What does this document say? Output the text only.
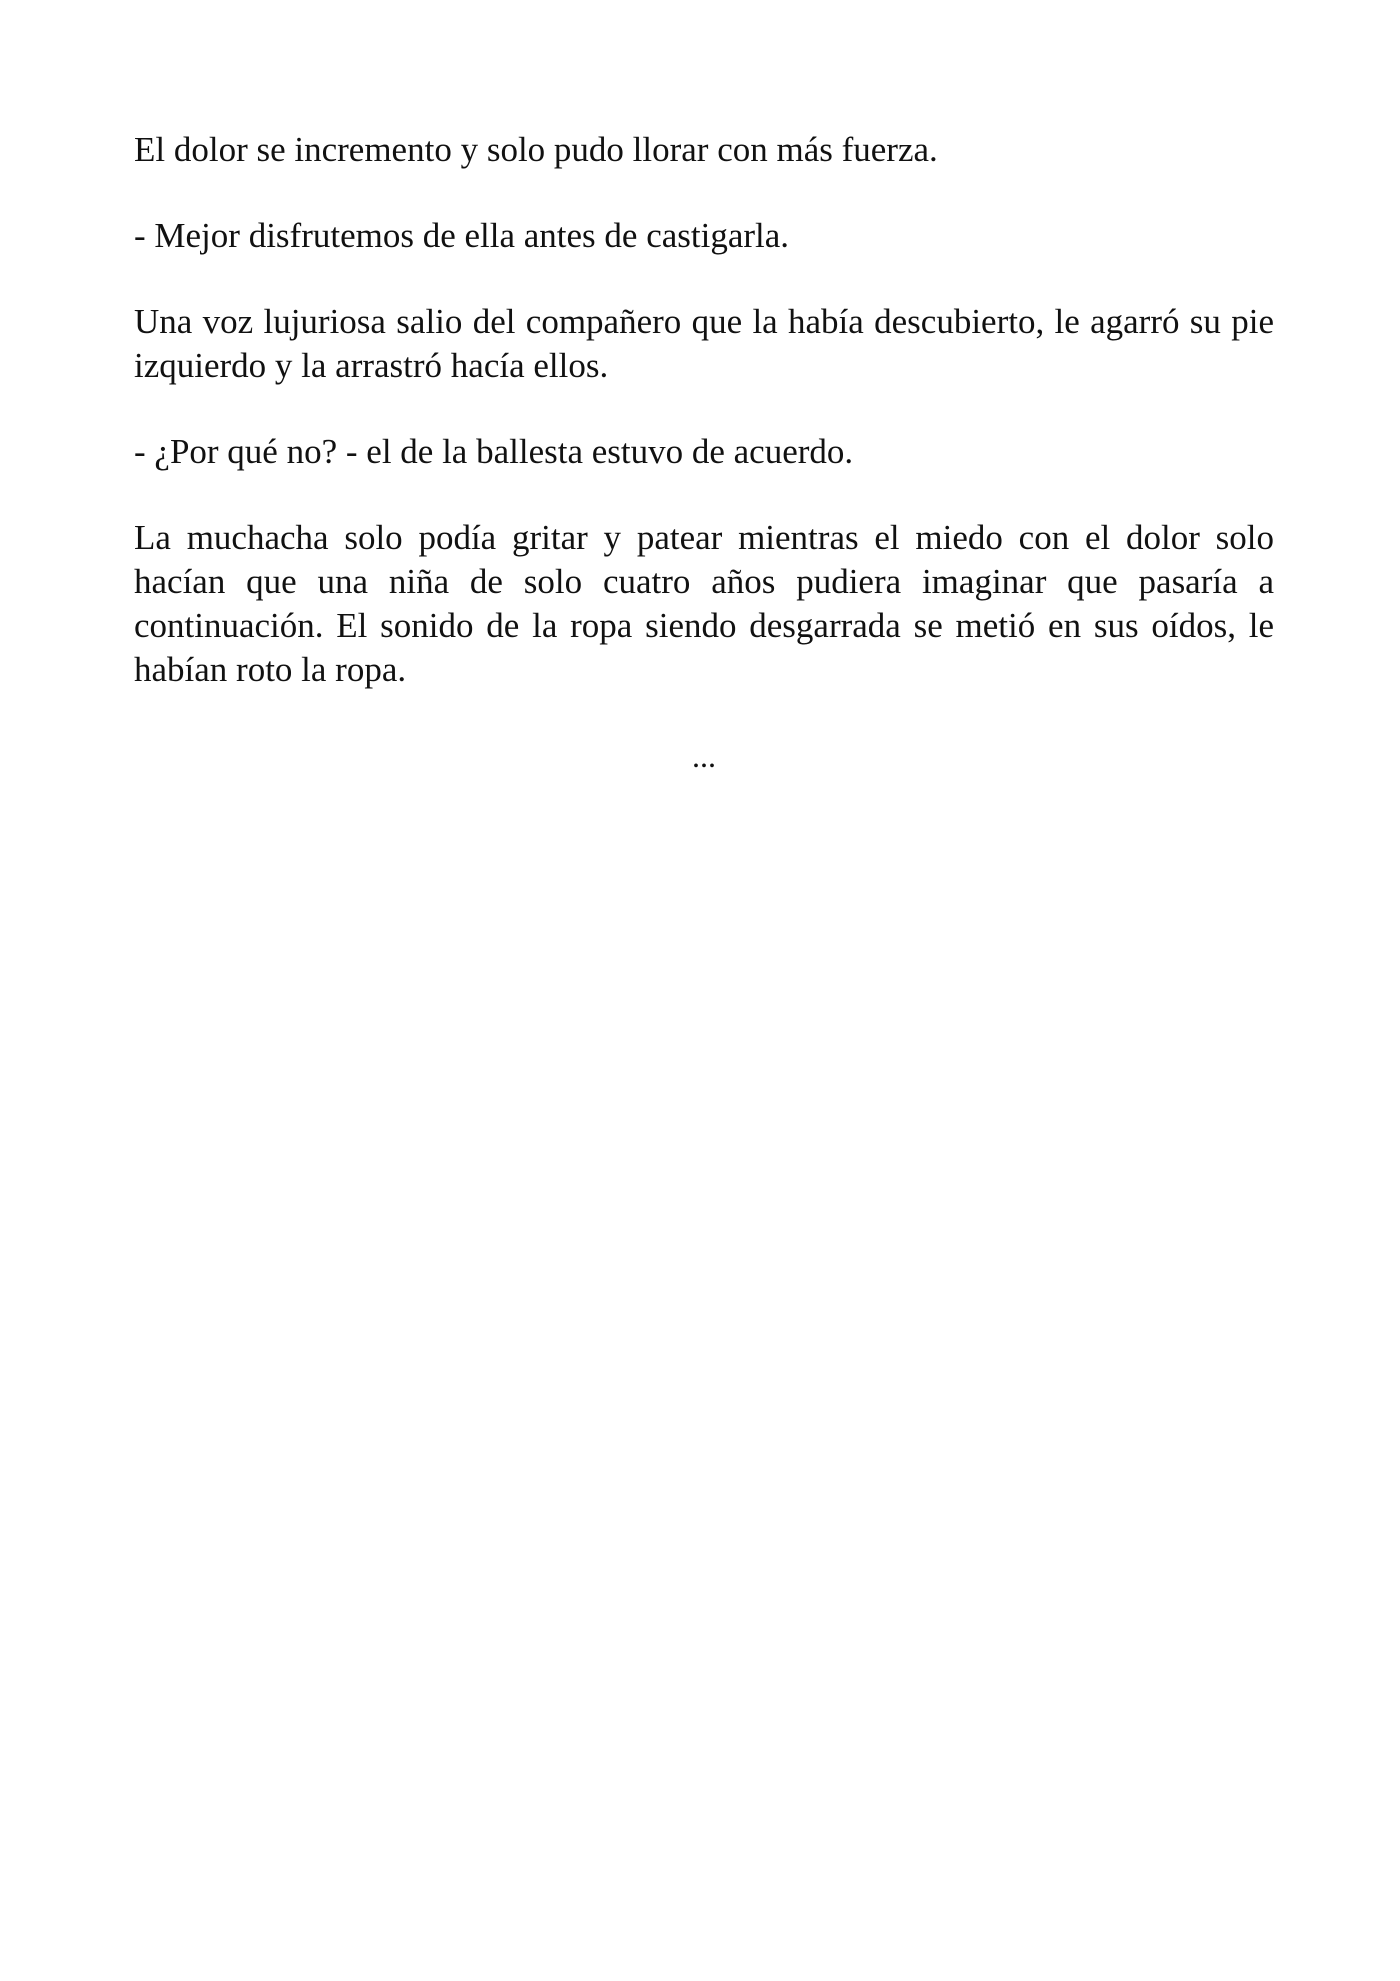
El dolor se incremento y solo pudo llorar con más fuerza.

- Mejor disfrutemos de ella antes de castigarla.

Una voz lujuriosa salio del compañero que la había descubierto, le agarró su pie izquierdo y la arrastró hacía ellos.

- ¿Por qué no? - el de la ballesta estuvo de acuerdo.

La muchacha solo podía gritar y patear mientras el miedo con el dolor solo hacían que una niña de solo cuatro años pudiera imaginar que pasaría a continuación. El sonido de la ropa siendo desgarrada se metió en sus oídos, le habían roto la ropa.

...
